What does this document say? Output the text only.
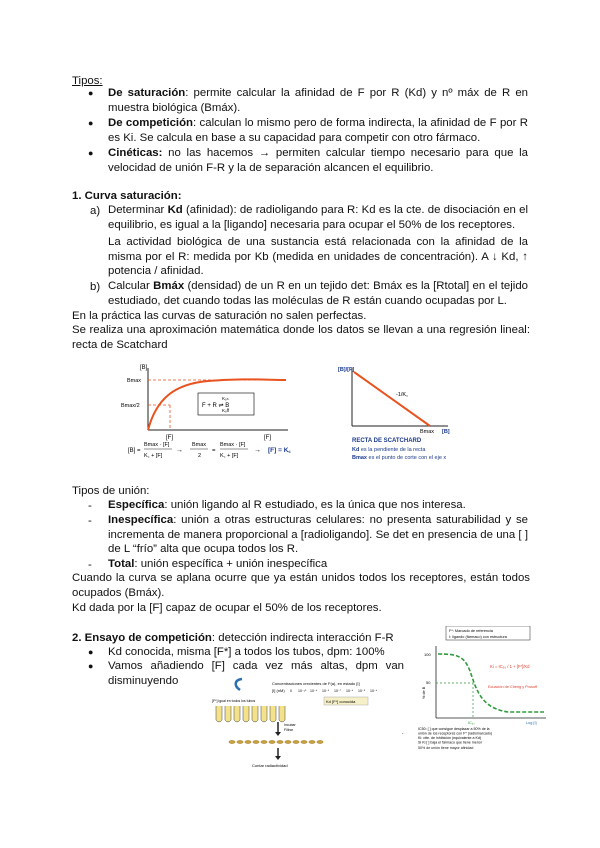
Tipos:
● De saturación: permite calcular la afinidad de F por R (Kd) y nº máx de R en muestra biológica (Bmáx).
● De competición: calculan lo mismo pero de forma indirecta, la afinidad de F por R es Ki. Se calcula en base a su capacidad para competir con otro fármaco.
● Cinéticas: no las hacemos → permiten calcular tiempo necesario para que la velocidad de unión F-R y la de separación alcancen el equilibrio.
1. Curva saturación:
a) Determinar Kd (afinidad): de radioligando para R: Kd es la cte. de disociación en el equilibrio, es igual a la [ligando] necesaria para ocupar el 50% de los receptores.
La actividad biológica de una sustancia está relacionada con la afinidad de la misma por el R: medida por Kb (medida en unidades de concentración). A ↓ Kd, ↑ potencia / afinidad.
b) Calcular Bmáx (densidad) de un R en un tejido det: Bmáx es la [Rtotal] en el tejido estudiado, det cuando todas las moléculas de R están cuando ocupadas por L.
En la práctica las curvas de saturación no salen perfectas.
Se realiza una aproximación matemática donde los datos se llevan a una regresión lineal: recta de Scatchard
[B]
Bmax
Bmax/2
[F]	[F]
F + R ⇌ B
Kₒₙ
Kₒff
[B] =
Bmax · [F]
K꜀ + [F]
→
Bmax
2
=
Bmax · [F]
K꜀ + [F]
→ [F] = K꜀
[B]/[F]
-1/K꜀
Bmax [B]
RECTA DE SCATCHARD
Kd es la pendiente de la recta
Bmax es el punto de corte con el eje x
Tipos de unión:
- Específica: unión ligando al R estudiado, es la única que nos interesa.
- Inespecífica: unión a otras estructuras celulares: no presenta saturabilidad y se incrementa de manera proporcional a [radioligando]. Se det en presencia de una [ ] de L “frío” alta que ocupa todos los R.
- Total: unión específica + unión inespecífica
Cuando la curva se aplana ocurre que ya están unidos todos los receptores, están todos ocupados (Bmáx).
Kd dada por la [F] capaz de ocupar el 50% de los receptores.
2. Ensayo de competición: detección indirecta interacción F-R
● Kd conocida, misma [F*] a todos los tubos, dpm: 100%
● Vamos añadiendo [F] cada vez más altas, dpm van disminuyendo	Concentraciones crecientes de F(a), en estado [I]
[I] (nM) 0 10⁻¹⁰ 10⁻⁹ 10⁻⁸ 10⁻⁷ 10⁻⁶ 10⁻⁵ 10⁻⁴
[F*] igual en todos los tubos	Kd [F*] conocida
Incubar
Filtrar
Contar radiactividad
.
F*: Marcado de referencia
I: ligando (fármaco) con estructura
100
50
% de B
IC₅₀	Log [I]
Ki = IC₅₀ / 1 + [F*]/Kd
Ecuación de Cheng y Prusoff
IC50: [ ] que consigue desplazar a 50% de la
unión de los receptores con F* (radiomarcado)
Ki: ctte. de inhibición (equivalente a Kd)
Si Ki [ ] baja el fármaco que tiene menor
50% de unión tiene mayor afinidad
